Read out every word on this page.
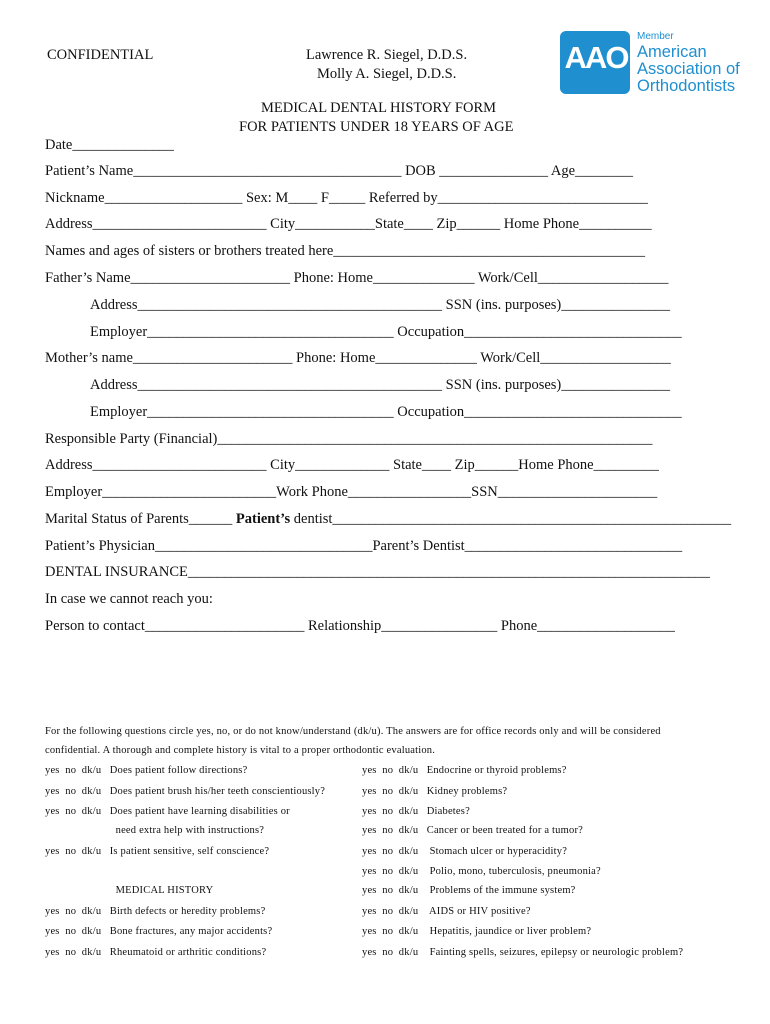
CONFIDENTIAL	Lawrence R. Siegel, D.D.S.
Molly A. Siegel, D.D.S.
MEDICAL DENTAL HISTORY FORM
FOR PATIENTS UNDER 18 YEARS OF AGE
Date______________
AAO
TM
Member
American
Association of
Orthodontists
Patient’s Name_____________________________________ DOB _______________ Age________
Nickname___________________ Sex: M____ F_____ Referred by_____________________________
Address________________________ City___________State____ Zip______ Home Phone__________
Names and ages of sisters or brothers treated here___________________________________________
Father’s Name______________________ Phone: Home______________ Work/Cell__________________
Address__________________________________________ SSN (ins. purposes)_______________
Employer__________________________________ Occupation______________________________
Mother’s name______________________ Phone: Home______________ Work/Cell__________________
Address__________________________________________ SSN (ins. purposes)_______________
Employer__________________________________ Occupation______________________________
Responsible Party (Financial)____________________________________________________________
Address________________________ City_____________ State____ Zip______Home Phone_________
Employer________________________Work Phone_________________SSN______________________
Marital Status of Parents______ Patient’s dentist_______________________________________________________
Patient’s Physician______________________________Parent’s Dentist______________________________
DENTAL INSURANCE________________________________________________________________________
In case we cannot reach you:
Person to contact______________________ Relationship________________ Phone___________________
For the following questions circle yes, no, or do not know/understand (dk/u). The answers are for office records only and will be considered
confidential. A thorough and complete history is vital to a proper orthodontic evaluation.
yes  no  dk/u   Does patient follow directions?
yes  no  dk/u   Does patient brush his/her teeth conscientiously?
yes  no  dk/u   Does patient have learning disabilities or
need extra help with instructions?
yes  no  dk/u   Is patient sensitive, self conscience?
MEDICAL HISTORY
yes  no  dk/u   Birth defects or heredity problems?
yes  no  dk/u   Bone fractures, any major accidents?
yes  no  dk/u   Rheumatoid or arthritic conditions?
yes  no  dk/u   Endocrine or thyroid problems?
yes  no  dk/u   Kidney problems?
yes  no  dk/u   Diabetes?
yes  no  dk/u   Cancer or been treated for a tumor?
yes  no  dk/u    Stomach ulcer or hyperacidity?
yes  no  dk/u    Polio, mono, tuberculosis, pneumonia?
yes  no  dk/u    Problems of the immune system?
yes  no  dk/u    AIDS or HIV positive?
yes  no  dk/u    Hepatitis, jaundice or liver problem?
yes  no  dk/u    Fainting spells, seizures, epilepsy or neurologic problem?
